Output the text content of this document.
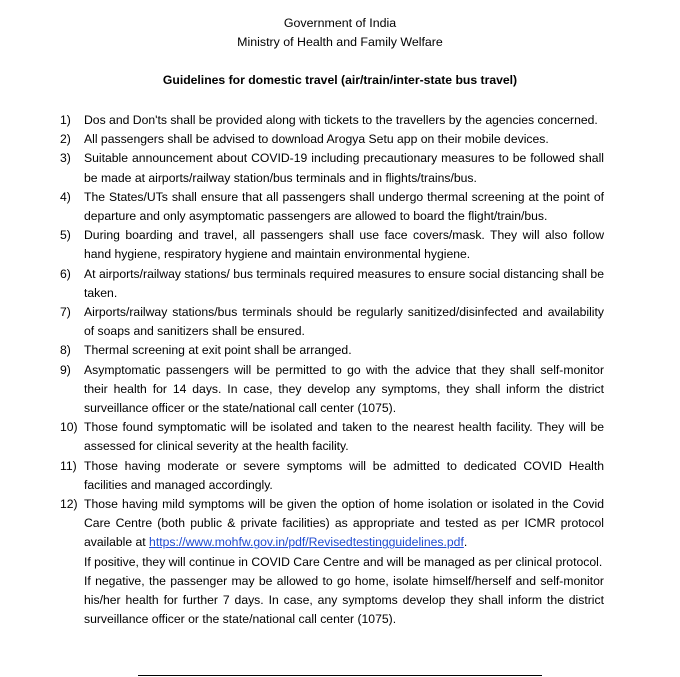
Government of India
Ministry of Health and Family Welfare
Guidelines for domestic travel (air/train/inter-state bus travel)
1)	Dos and Don'ts shall be provided along with tickets to the travellers by the agencies concerned.
2)	All passengers shall be advised to download Arogya Setu app on their mobile devices.
3)	Suitable announcement about COVID-19 including precautionary measures to be followed shall be made at airports/railway station/bus terminals and in flights/trains/bus.
4)	The States/UTs shall ensure that all passengers shall undergo thermal screening at the point of departure and only asymptomatic passengers are allowed to board the flight/train/bus.
5)	During boarding and travel, all passengers shall use face covers/mask. They will also follow hand hygiene, respiratory hygiene and maintain environmental hygiene.
6)	At airports/railway stations/ bus terminals required measures to ensure social distancing shall be taken.
7)	Airports/railway stations/bus terminals should be regularly sanitized/disinfected and availability of soaps and sanitizers shall be ensured.
8)	Thermal screening at exit point shall be arranged.
9)	Asymptomatic passengers will be permitted to go with the advice that they shall self-monitor their health for 14 days. In case, they develop any symptoms, they shall inform the district surveillance officer or the state/national call center (1075).
10) Those found symptomatic will be isolated and taken to the nearest health facility. They will be assessed for clinical severity at the health facility.
11) Those having moderate or severe symptoms will be admitted to dedicated COVID Health facilities and managed accordingly.
12) Those having mild symptoms will be given the option of home isolation or isolated in the Covid Care Centre (both public & private facilities) as appropriate and tested as per ICMR protocol available at https://www.mohfw.gov.in/pdf/Revisedtestingguidelines.pdf.

If positive, they will continue in COVID Care Centre and will be managed as per clinical protocol.

If negative, the passenger may be allowed to go home, isolate himself/herself and self-monitor his/her health for further 7 days. In case, any symptoms develop they shall inform the district surveillance officer or the state/national call center (1075).
